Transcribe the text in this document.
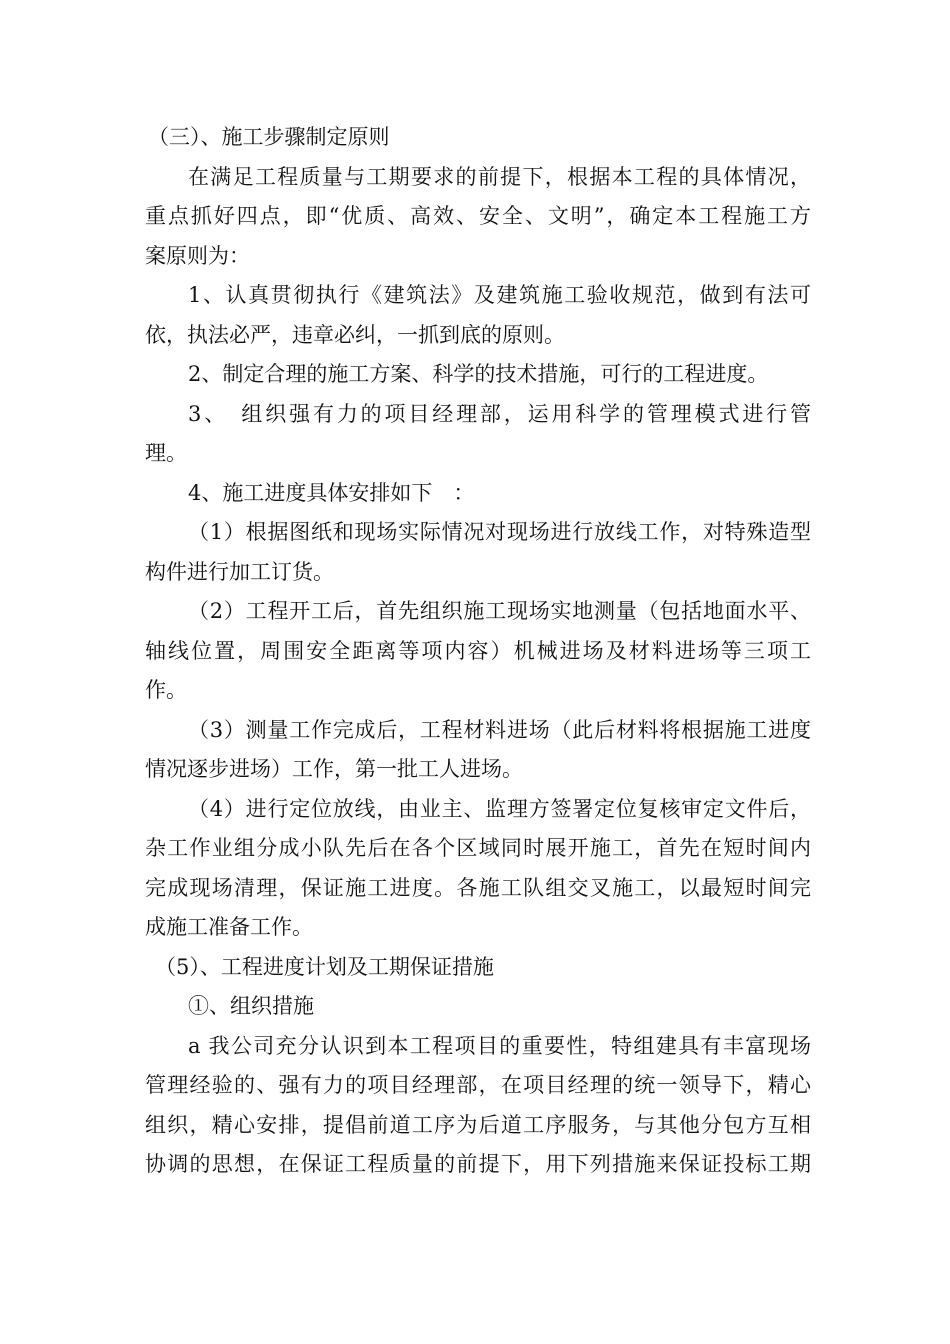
（三）、施工步骤制定原则
在满足工程质量与工期要求的前提下，根据本工程的具体情况，
重点抓好四点，即“优质、高效、安全、文明”，确定本工程施工方
案原则为：
1、认真贯彻执行《建筑法》及建筑施工验收规范，做到有法可
依，执法必严，违章必纠，一抓到底的原则。
2、制定合理的施工方案、科学的技术措施，可行的工程进度。
3、　组织强有力的项目经理部，运用科学的管理模式进行管
理。
4、施工进度具体安排如下　：
（1）根据图纸和现场实际情况对现场进行放线工作，对特殊造型
构件进行加工订货。
（2）工程开工后，首先组织施工现场实地测量（包括地面水平、
轴线位置，周围安全距离等项内容）机械进场及材料进场等三项工
作。
（3）测量工作完成后，工程材料进场（此后材料将根据施工进度
情况逐步进场）工作，第一批工人进场。
（4）进行定位放线，由业主、监理方签署定位复核审定文件后，
杂工作业组分成小队先后在各个区域同时展开施工，首先在短时间内
完成现场清理，保证施工进度。各施工队组交叉施工，以最短时间完
成施工准备工作。
（5）、工程进度计划及工期保证措施
①、组织措施
a 我公司充分认识到本工程项目的重要性，特组建具有丰富现场
管理经验的、强有力的项目经理部，在项目经理的统一领导下，精心
组织，精心安排，提倡前道工序为后道工序服务，与其他分包方互相
协调的思想，在保证工程质量的前提下，用下列措施来保证投标工期
